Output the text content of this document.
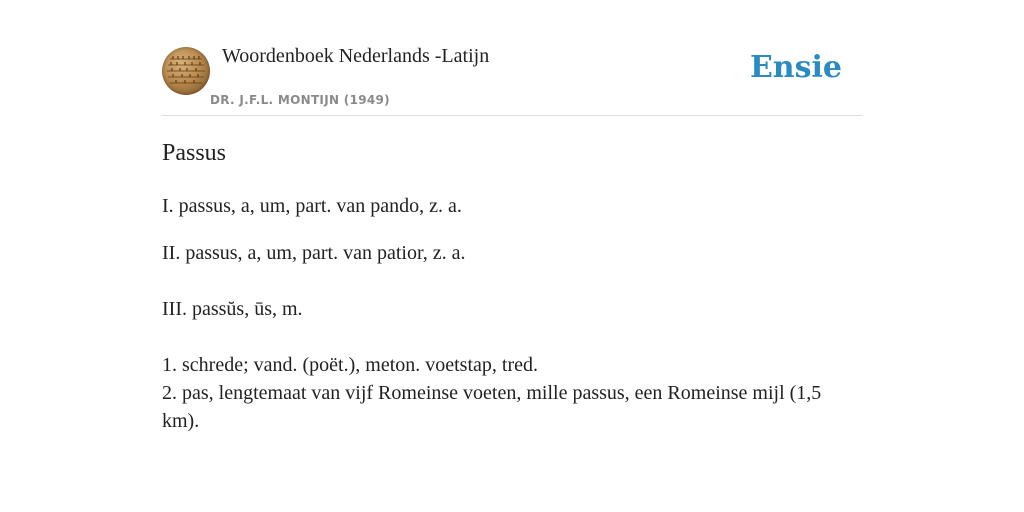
Woordenboek Nederlands -Latijn
DR. J.F.L. MONTIJN (1949)
Ensie
Passus
I. passus, a, um, part. van pando, z. a.
II. passus, a, um, part. van patior, z. a.
III. passŭs, ūs, m.
1. schrede; vand. (poët.), meton. voetstap, tred.
2. pas, lengtemaat van vijf Romeinse voeten, mille passus, een Romeinse mijl (1,5 km).
